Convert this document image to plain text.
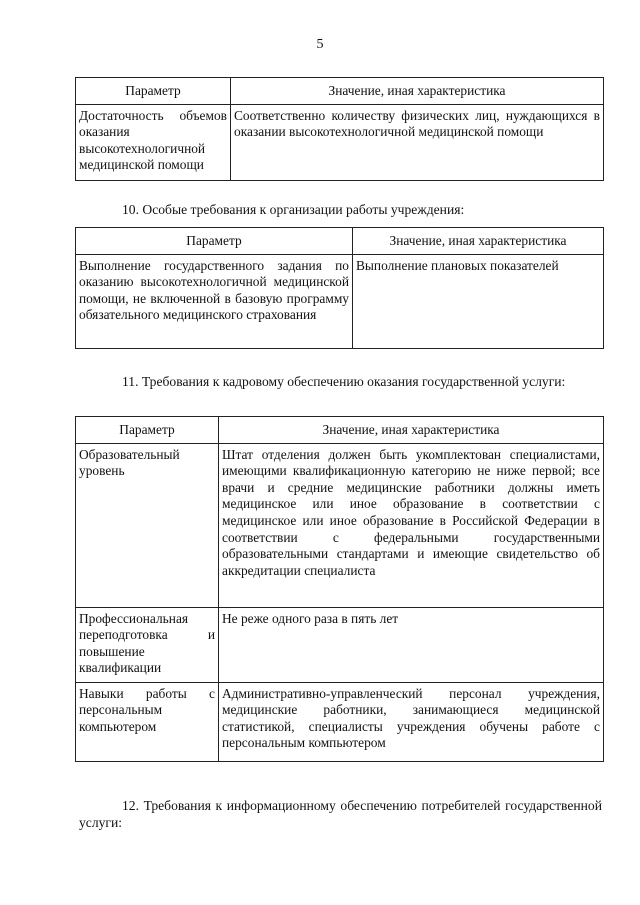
5
Параметр	Значение, иная характеристика
Достаточность объемов оказания высокотехнологичной медицинской помощи	Соответственно количеству физических лиц, нуждающихся в оказании высокотехнологичной медицинской помощи
10. Особые требования к организации работы учреждения:
Параметр	Значение, иная характеристика
Выполнение государственного задания по оказанию высокотехнологичной медицинской помощи, не включенной в базовую программу обязательного медицинского страхования	Выполнение плановых показателей
11. Требования к кадровому обеспечению оказания государственной услуги:
Параметр	Значение, иная характеристика
Образовательный уровень	Штат отделения должен быть укомплектован специалистами, имеющими квалификационную категорию не ниже первой; все врачи и средние медицинские работники должны иметь медицинское или иное образование в соответствии с медицинское или иное образование в Российской Федерации в соответствии с федеральными государственными образовательными стандартами и имеющие свидетельство об аккредитации специалиста
Профессиональная переподготовка и повышение квалификации	Не реже одного раза в пять лет
Навыки работы с персональным компьютером	Административно-управленческий персонал учреждения, медицинские работники, занимающиеся медицинской статистикой, специалисты учреждения обучены работе с персональным компьютером
12. Требования к информационному обеспечению потребителей государственной услуги:
